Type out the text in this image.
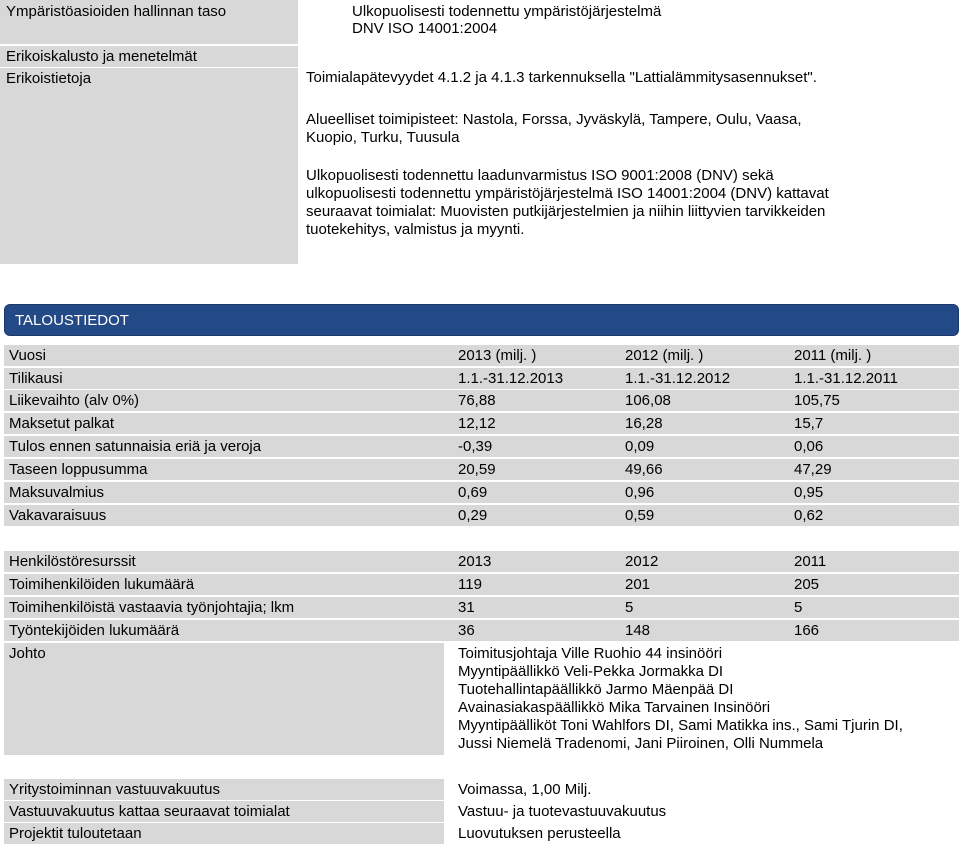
Ympäristöasioiden hallinnan taso	Ulkopuolisesti todennettu ympäristöjärjestelmä
DNV ISO 14001:2004
Erikoiskalusto ja menetelmät
Erikoistietoja	Toimialapätevyydet 4.1.2 ja 4.1.3 tarkennuksella "Lattialämmitysasennukset".
Alueelliset toimipisteet: Nastola, Forssa, Jyväskylä, Tampere, Oulu, Vaasa,
Kuopio, Turku, Tuusula
Ulkopuolisesti todennettu laadunvarmistus ISO 9001:2008 (DNV) sekä
ulkopuolisesti todennettu ympäristöjärjestelmä ISO 14001:2004 (DNV) kattavat
seuraavat toimialat: Muovisten putkijärjestelmien ja niihin liittyvien tarvikkeiden
tuotekehitys, valmistus ja myynti.
TALOUSTIEDOT
Vuosi	2013 (milj. )	2012 (milj. )	2011 (milj. )
Tilikausi	1.1.-31.12.2013	1.1.-31.12.2012	1.1.-31.12.2011
Liikevaihto (alv 0%)	76,88	106,08	105,75
Maksetut palkat	12,12	16,28	15,7
Tulos ennen satunnaisia eriä ja veroja	-0,39	0,09	0,06
Taseen loppusumma	20,59	49,66	47,29
Maksuvalmius	0,69	0,96	0,95
Vakavaraisuus	0,29	0,59	0,62
Henkilöstöresurssit	2013	2012	2011
Toimihenkilöiden lukumäärä	119	201	205
Toimihenkilöistä vastaavia työnjohtajia; lkm	31	5	5
Työntekijöiden lukumäärä	36	148	166
Johto	Toimitusjohtaja Ville Ruohio 44 insinööri
Myyntipäällikkö Veli-Pekka Jormakka DI
Tuotehallintapäällikkö Jarmo Mäenpää DI
Avainasiakaspäällikkö Mika Tarvainen Insinööri
Myyntipäälliköt Toni Wahlfors DI, Sami Matikka ins., Sami Tjurin DI,
Jussi Niemelä Tradenomi, Jani Piiroinen, Olli Nummela
Yritystoiminnan vastuuvakuutus	Voimassa, 1,00 Milj.
Vastuuvakuutus kattaa seuraavat toimialat	Vastuu- ja tuotevastuuvakuutus
Projektit tuloutetaan	Luovutuksen perusteella
